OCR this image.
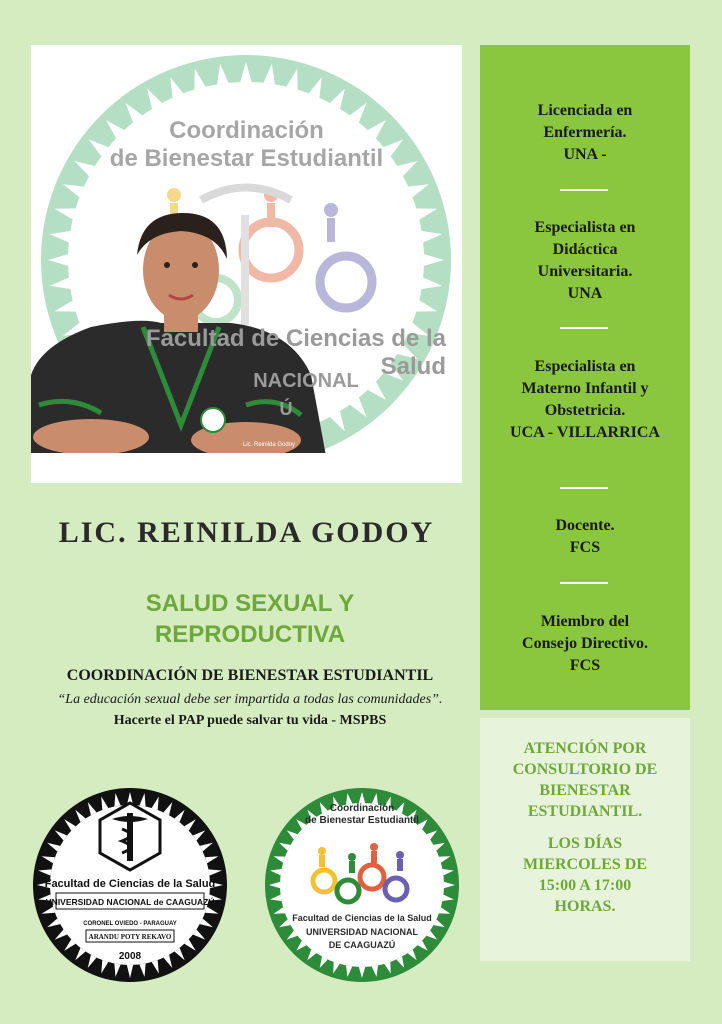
Coordinación
de Bienestar Estudiantil
Facultad de Ciencias de la Salud
NACIONAL
Ú
Lic. Reinilda Godoy
LIC. REINILDA GODOY
SALUD SEXUAL Y
REPRODUCTIVA
COORDINACIÓN DE BIENESTAR ESTUDIANTIL
“La educación sexual debe ser impartida a todas las comunidades”.
Hacerte el PAP puede salvar tu vida - MSPBS
Licenciada en
Enfermería.
UNA -
Especialista en
Didáctica
Universitaria.
UNA
Especialista en
Materno Infantil y
Obstetricia.
UCA - VILLARRICA
Docente.
FCS
Miembro del
Consejo Directivo.
FCS
ATENCIÓN POR
CONSULTORIO DE
BIENESTAR
ESTUDIANTIL.
LOS DÍAS
MIERCOLES DE
15:00 A 17:00
HORAS.
Facultad de Ciencias de la Salud
UNIVERSIDAD NACIONAL de CAAGUAZÚ
CORONEL OVIEDO - PARAGUAY
ARANDU POTY REKAVO
2008
Coordinación
de Bienestar Estudiantil
Facultad de Ciencias de la Salud
UNIVERSIDAD NACIONAL
DE CAAGUAZÚ
